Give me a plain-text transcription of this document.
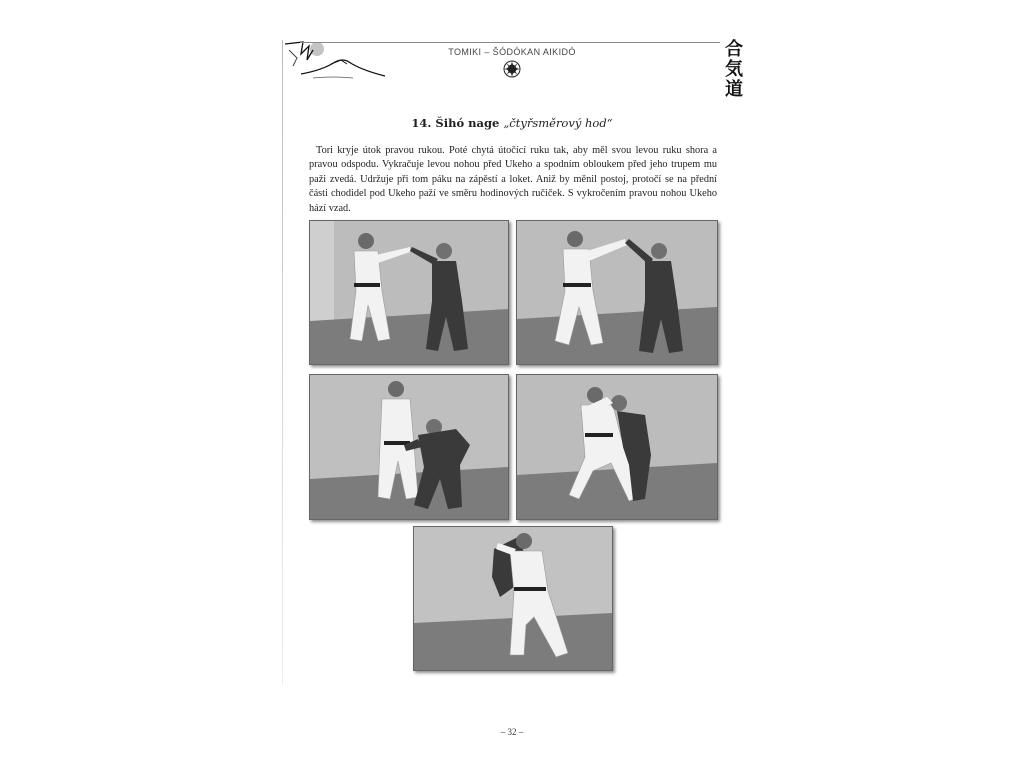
TOMIKI – ŠÓDÓKAN AIKIDÓ	合
気
道
14. Šihó nage „čtyřsměrový hod“

Tori kryje útok pravou rukou. Poté chytá útočící ruku tak, aby měl svou levou ruku shora a pravou odspodu. Vykračuje levou nohou před Ukeho a spodním obloukem před jeho trupem mu paži zvedá. Udržuje při tom páku na zápěstí a loket. Aniž by měnil postoj, protočí se na přední části chodidel pod Ukeho paží ve směru hodinových ručiček. S vykročením pravou nohou Ukeho hází vzad.

– 32 –
